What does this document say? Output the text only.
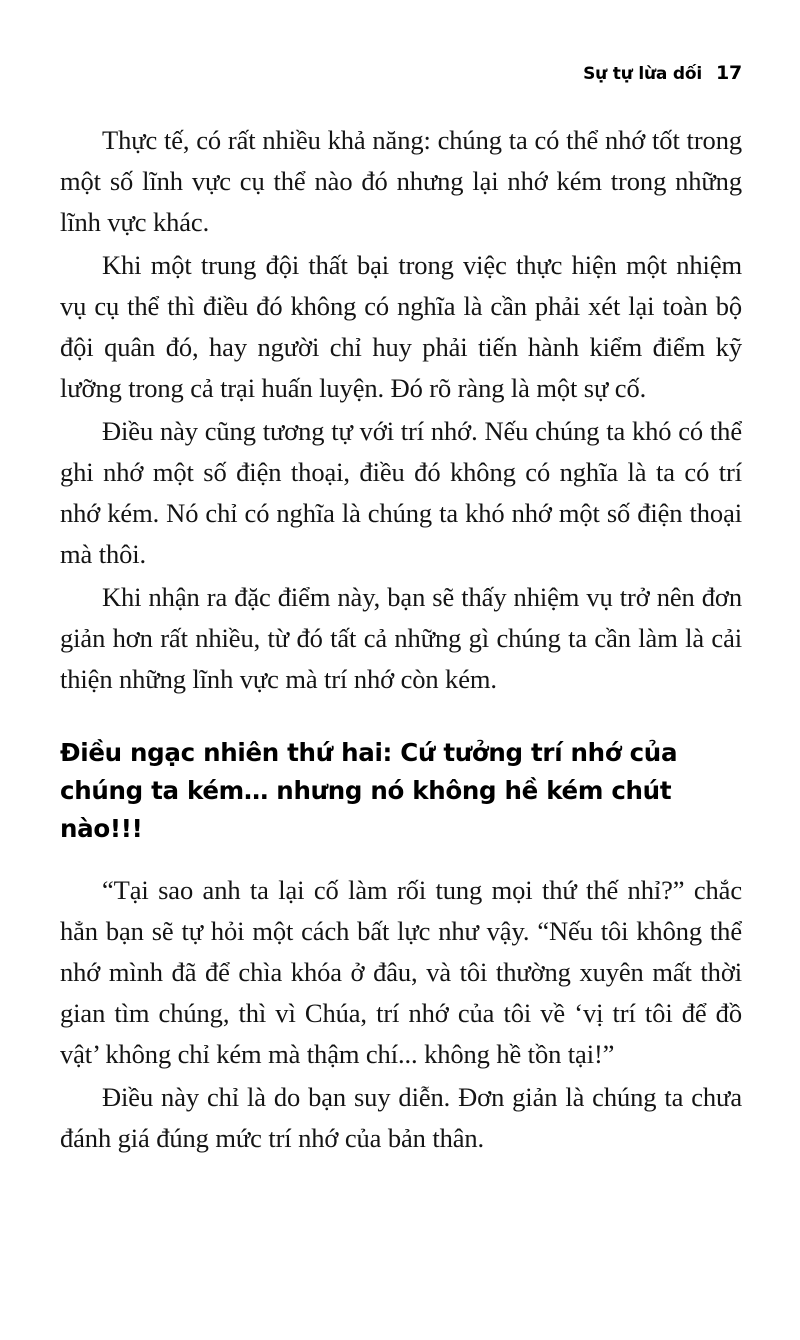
Sự tự lừa dối 17

Thực tế, có rất nhiều khả năng: chúng ta có thể nhớ tốt trong một số lĩnh vực cụ thể nào đó nhưng lại nhớ kém trong những lĩnh vực khác.

Khi một trung đội thất bại trong việc thực hiện một nhiệm vụ cụ thể thì điều đó không có nghĩa là cần phải xét lại toàn bộ đội quân đó, hay người chỉ huy phải tiến hành kiểm điểm kỹ lưỡng trong cả trại huấn luyện. Đó rõ ràng là một sự cố.

Điều này cũng tương tự với trí nhớ. Nếu chúng ta khó có thể ghi nhớ một số điện thoại, điều đó không có nghĩa là ta có trí nhớ kém. Nó chỉ có nghĩa là chúng ta khó nhớ một số điện thoại mà thôi.

Khi nhận ra đặc điểm này, bạn sẽ thấy nhiệm vụ trở nên đơn giản hơn rất nhiều, từ đó tất cả những gì chúng ta cần làm là cải thiện những lĩnh vực mà trí nhớ còn kém.

Điều ngạc nhiên thứ hai: Cứ tưởng trí nhớ của chúng ta kém… nhưng nó không hề kém chút nào!!!

“Tại sao anh ta lại cố làm rối tung mọi thứ thế nhỉ?” chắc hẳn bạn sẽ tự hỏi một cách bất lực như vậy. “Nếu tôi không thể nhớ mình đã để chìa khóa ở đâu, và tôi thường xuyên mất thời gian tìm chúng, thì vì Chúa, trí nhớ của tôi về ‘vị trí tôi để đồ vật’ không chỉ kém mà thậm chí... không hề tồn tại!”

Điều này chỉ là do bạn suy diễn. Đơn giản là chúng ta chưa đánh giá đúng mức trí nhớ của bản thân.
